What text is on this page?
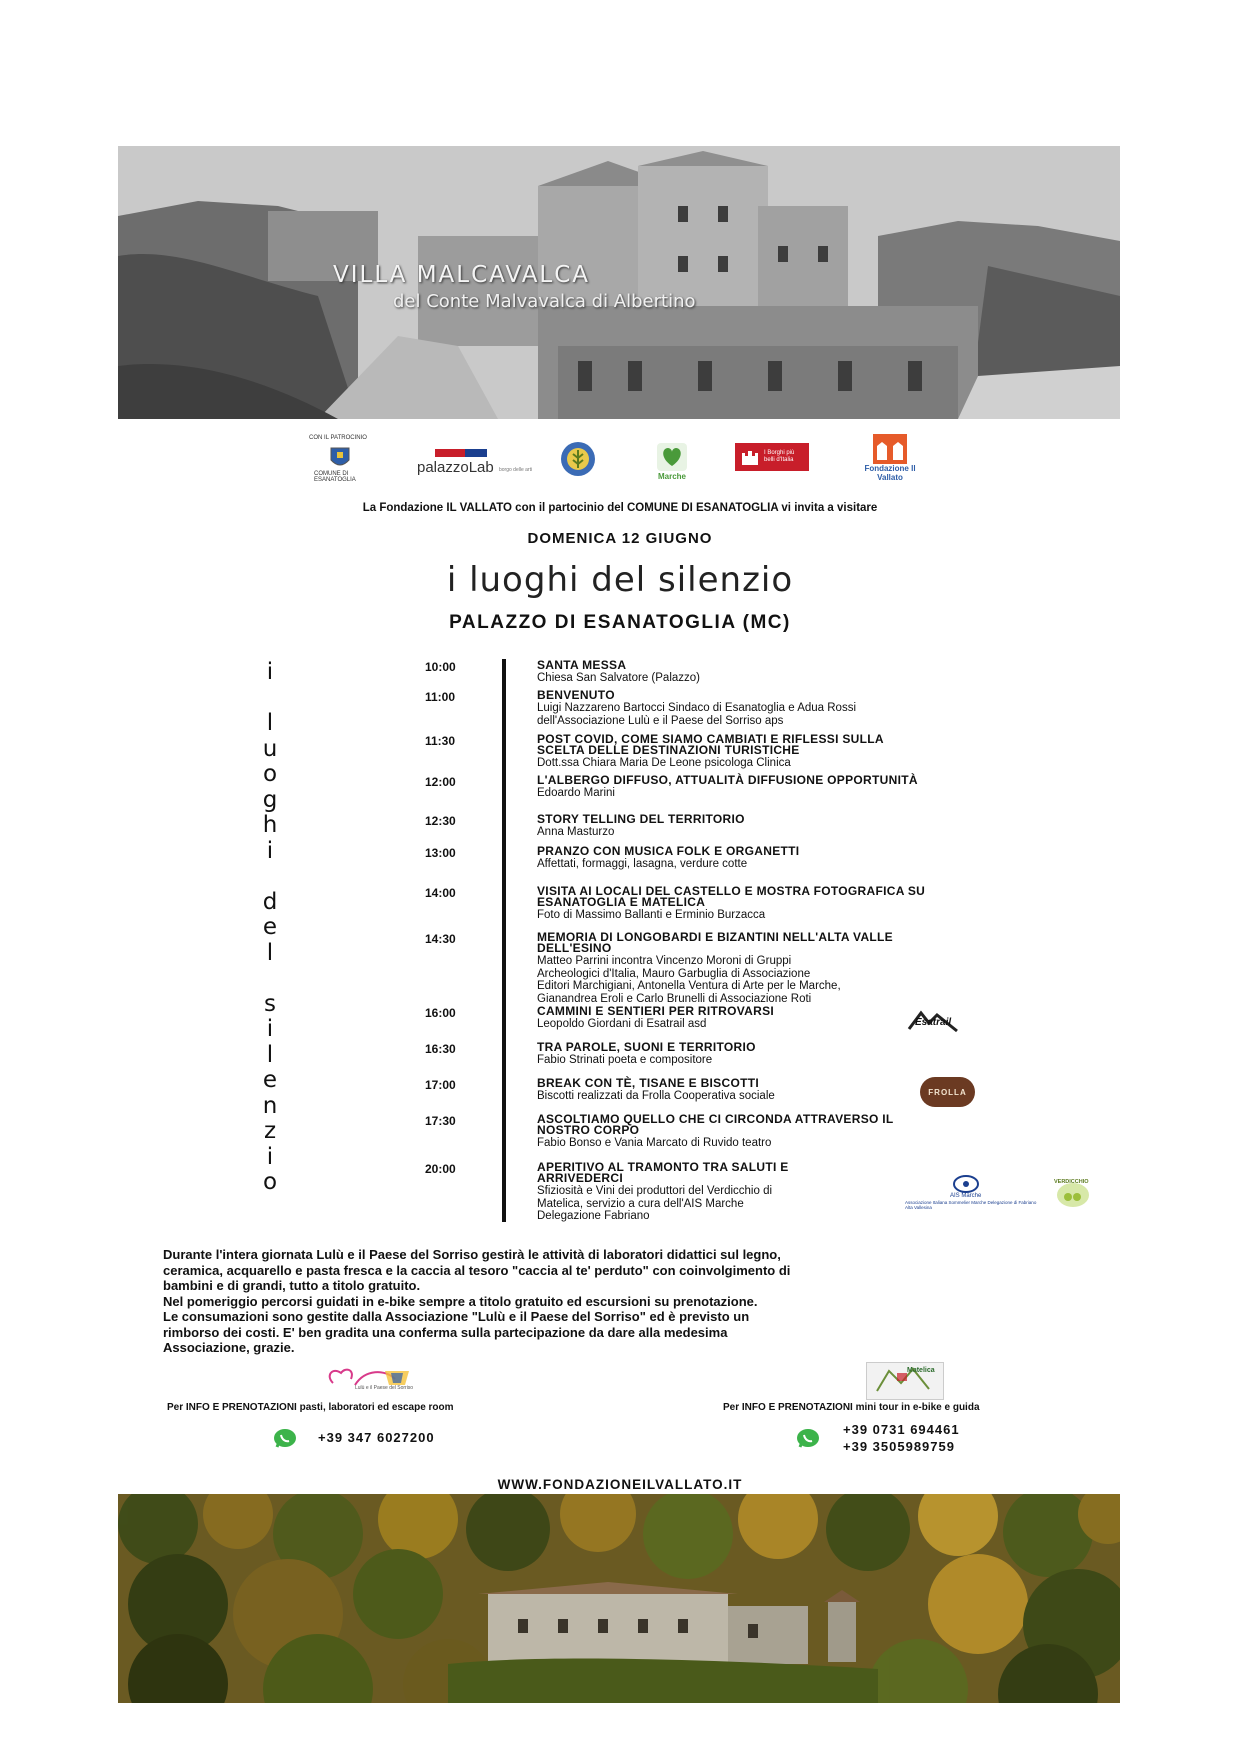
VILLA MALCAVALCA
del Conte Malvavalca di Albertino
CON IL PATROCINIO
COMUNE DI ESANATOGLIA
palazzoLab borgo delle arti
Marche
I Borghi più belli d'Italia
Fondazione Il Vallato
La Fondazione IL VALLATO con il partocinio del COMUNE DI ESANATOGLIA vi invita a visitare
DOMENICA 12 GIUGNO
i luoghi del silenzio
PALAZZO DI ESANATOGLIA (MC)
i
l
u
o
g
h
i
d
e
l
s
i
l
e
n
z
i
o
10:00	SANTA MESSA
Chiesa San Salvatore (Palazzo)
11:00	BENVENUTO
Luigi Nazzareno Bartocci Sindaco di Esanatoglia e Adua Rossi
dell'Associazione Lulù e il Paese del Sorriso aps
11:30	POST COVID, COME SIAMO CAMBIATI E RIFLESSI SULLA
SCELTA DELLE DESTINAZIONI TURISTICHE
Dott.ssa Chiara Maria De Leone psicologa Clinica
12:00	L'ALBERGO DIFFUSO, ATTUALITÀ DIFFUSIONE OPPORTUNITÀ
Edoardo Marini
12:30	STORY TELLING DEL TERRITORIO
Anna Masturzo
13:00	PRANZO CON MUSICA FOLK E ORGANETTI
Affettati, formaggi, lasagna, verdure cotte
14:00	VISITA AI LOCALI DEL CASTELLO E MOSTRA FOTOGRAFICA SU
ESANATOGLIA E MATELICA
Foto di Massimo Ballanti e Erminio Burzacca
14:30	MEMORIA DI LONGOBARDI E BIZANTINI NELL'ALTA VALLE
DELL'ESINO
Matteo Parrini incontra Vincenzo Moroni di Gruppi
Archeologici d'Italia, Mauro Garbuglia di Associazione
Editori Marchigiani, Antonella Ventura di Arte per le Marche,
Gianandrea Eroli e Carlo Brunelli di Associazione Roti
16:00	CAMMINI E SENTIERI PER RITROVARSI
Leopoldo Giordani di Esatrail asd
16:30	TRA PAROLE, SUONI E TERRITORIO
Fabio Strinati poeta e compositore
17:00	BREAK CON TÈ, TISANE E BISCOTTI
Biscotti realizzati da Frolla Cooperativa sociale
17:30	ASCOLTIAMO QUELLO CHE CI CIRCONDA ATTRAVERSO IL
NOSTRO CORPO
Fabio Bonso e Vania Marcato di Ruvido teatro
20:00	APERITIVO AL TRAMONTO TRA SALUTI E
ARRIVEDERCI
Sfiziosità e Vini dei produttori del Verdicchio di
Matelica, servizio a cura dell'AIS Marche
Delegazione Fabriano
Esatrail
FROLLA
AIS Marche
Associazione Italiana Sommelier Marche Delegazione di Fabriano Alta Vallesina
VERDICCHIO
Durante l'intera giornata Lulù e il Paese del Sorriso gestirà le attività di laboratori didattici sul legno,
ceramica, acquarello e pasta fresca e la caccia al tesoro "caccia al te' perduto" con coinvolgimento di
bambini e di grandi, tutto a titolo gratuito.
Nel pomeriggio percorsi guidati in e-bike sempre a titolo gratuito ed escursioni su prenotazione.
Le consumazioni sono gestite dalla Associazione "Lulù e il Paese del Sorriso" ed è previsto un
rimborso dei costi. E' ben gradita una conferma sulla partecipazione da dare alla medesima
Associazione, grazie.
Lulù e il Paese del Sorriso
Per INFO E PRENOTAZIONI pasti, laboratori ed escape room
+39 347 6027200
Matelica
Per INFO E PRENOTAZIONI mini tour in e-bike e guida
+39 0731 694461
+39 3505989759
WWW.FONDAZIONEILVALLATO.IT
